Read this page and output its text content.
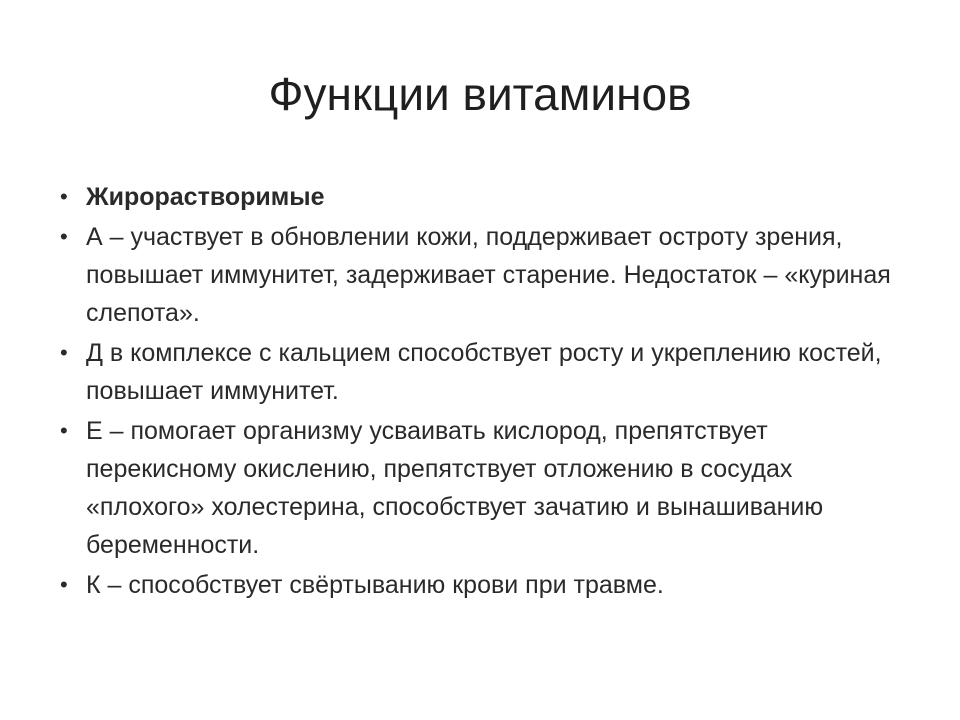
Функции витаминов
• Жирорастворимые
• А – участвует в обновлении кожи, поддерживает остроту зрения, повышает иммунитет, задерживает старение. Недостаток – «куриная слепота».
• Д в комплексе с кальцием способствует росту и укреплению костей, повышает иммунитет.
• Е – помогает организму усваивать кислород, препятствует перекисному окислению, препятствует отложению в сосудах «плохого» холестерина, способствует зачатию и вынашиванию беременности.
• К – способствует свёртыванию крови при травме.
